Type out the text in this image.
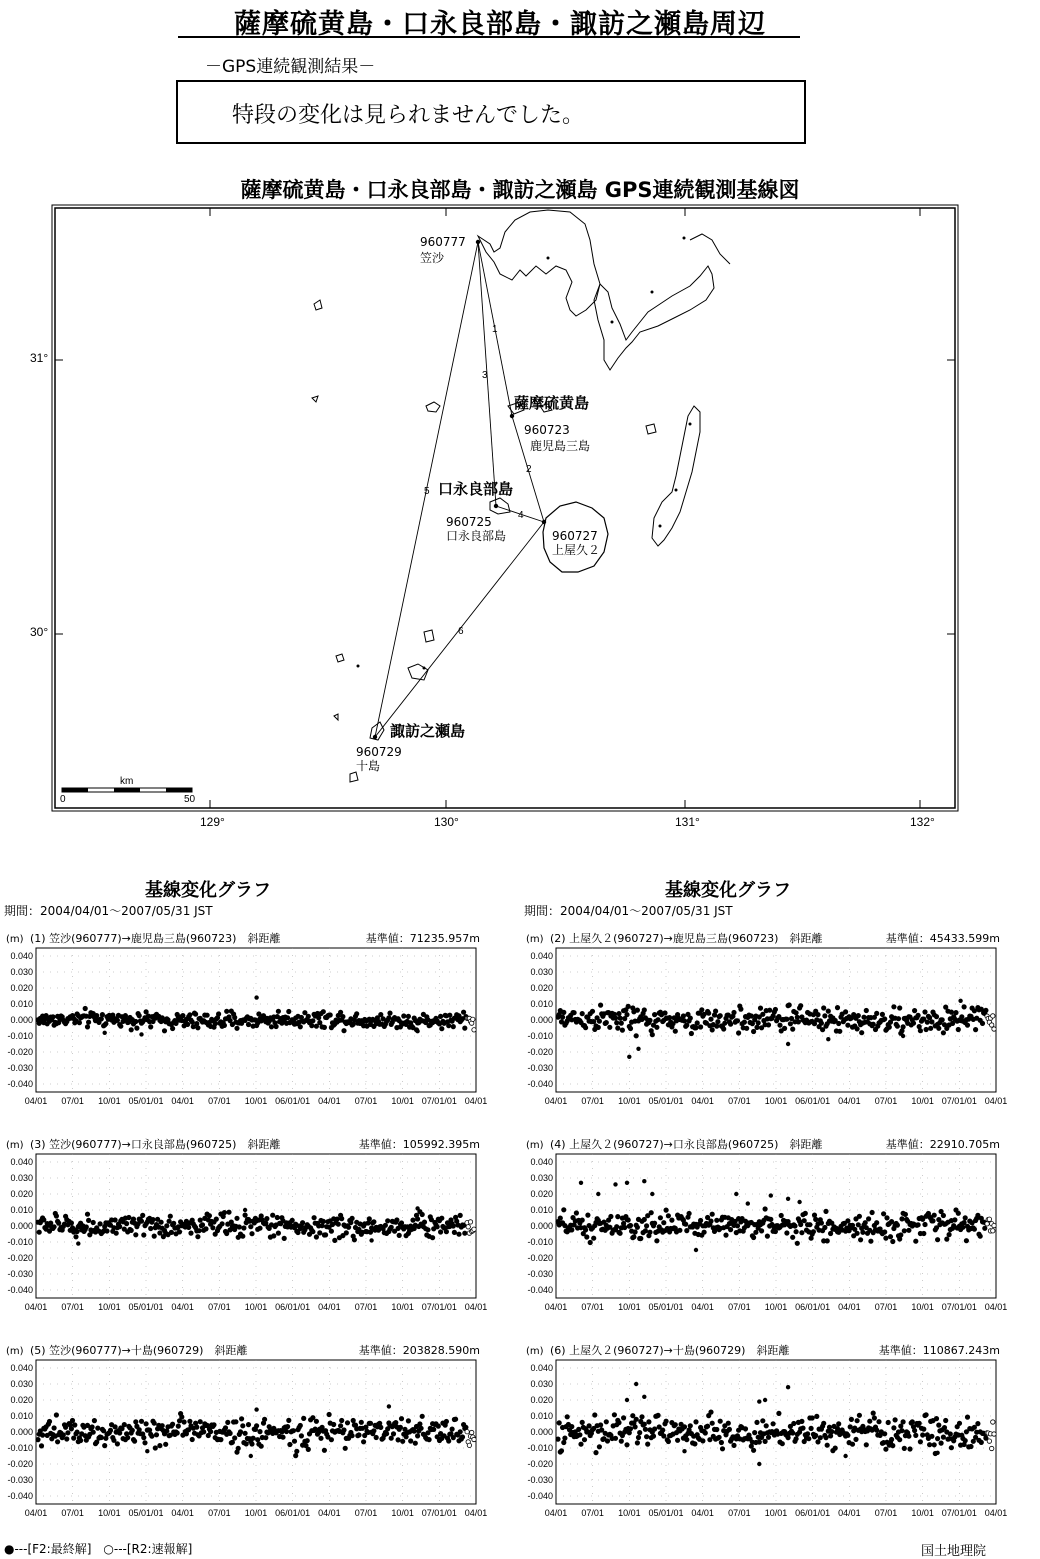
薩摩硫黄島・口永良部島・諏訪之瀬島周辺
－GPS連続観測結果－
特段の変化は見られませんでした。
薩摩硫黄島・口永良部島・諏訪之瀬島 GPS連続観測基線図
1
2
3
4
5
6
960777
笠沙
960723
鹿児島三島
960725
口永良部島	960727
上屋久２
960729
十島
薩摩硫黄島
口永良部島
諏訪之瀬島
31°
30°
129°	130°	131°	132°
km
0	50
基線変化グラフ
期間：2004/04/01～2007/05/31 JST
基線変化グラフ
期間：2004/04/01～2007/05/31 JST
(m) (1) 笠沙(960777)→鹿児島三島(960723)　斜距離	基準値：71235.957m
0.040
0.030
0.020
0.010
0.000
-0.010
-0.020
-0.030
-0.040
04/01 07/01 10/01 05/01/01 04/01 07/01 10/01 06/01/01 04/01 07/01 10/01 07/01/01 04/01
(m) (2) 上屋久２(960727)→鹿児島三島(960723)　斜距離	基準値：45433.599m
0.040
0.030
0.020
0.010
0.000
-0.010
-0.020
-0.030
-0.040
04/01 07/01 10/01 05/01/01 04/01 07/01 10/01 06/01/01 04/01 07/01 10/01 07/01/01 04/01
(m) (3) 笠沙(960777)→口永良部島(960725)　斜距離	基準値：105992.395m
0.040
0.030
0.020
0.010
0.000
-0.010
-0.020
-0.030
-0.040
04/01 07/01 10/01 05/01/01 04/01 07/01 10/01 06/01/01 04/01 07/01 10/01 07/01/01 04/01
(m) (4) 上屋久２(960727)→口永良部島(960725)　斜距離	基準値：22910.705m
0.040
0.030
0.020
0.010
0.000
-0.010
-0.020
-0.030
-0.040
04/01 07/01 10/01 05/01/01 04/01 07/01 10/01 06/01/01 04/01 07/01 10/01 07/01/01 04/01
(m) (5) 笠沙(960777)→十島(960729)　斜距離	基準値：203828.590m
0.040
0.030
0.020
0.010
0.000
-0.010
-0.020
-0.030
-0.040
04/01 07/01 10/01 05/01/01 04/01 07/01 10/01 06/01/01 04/01 07/01 10/01 07/01/01 04/01
(m) (6) 上屋久２(960727)→十島(960729)　斜距離	基準値：110867.243m
0.040
0.030
0.020
0.010
0.000
-0.010
-0.020
-0.030
-0.040
04/01 07/01 10/01 05/01/01 04/01 07/01 10/01 06/01/01 04/01 07/01 10/01 07/01/01 04/01
●---[F2:最終解]　○---[R2:速報解]	国土地理院
